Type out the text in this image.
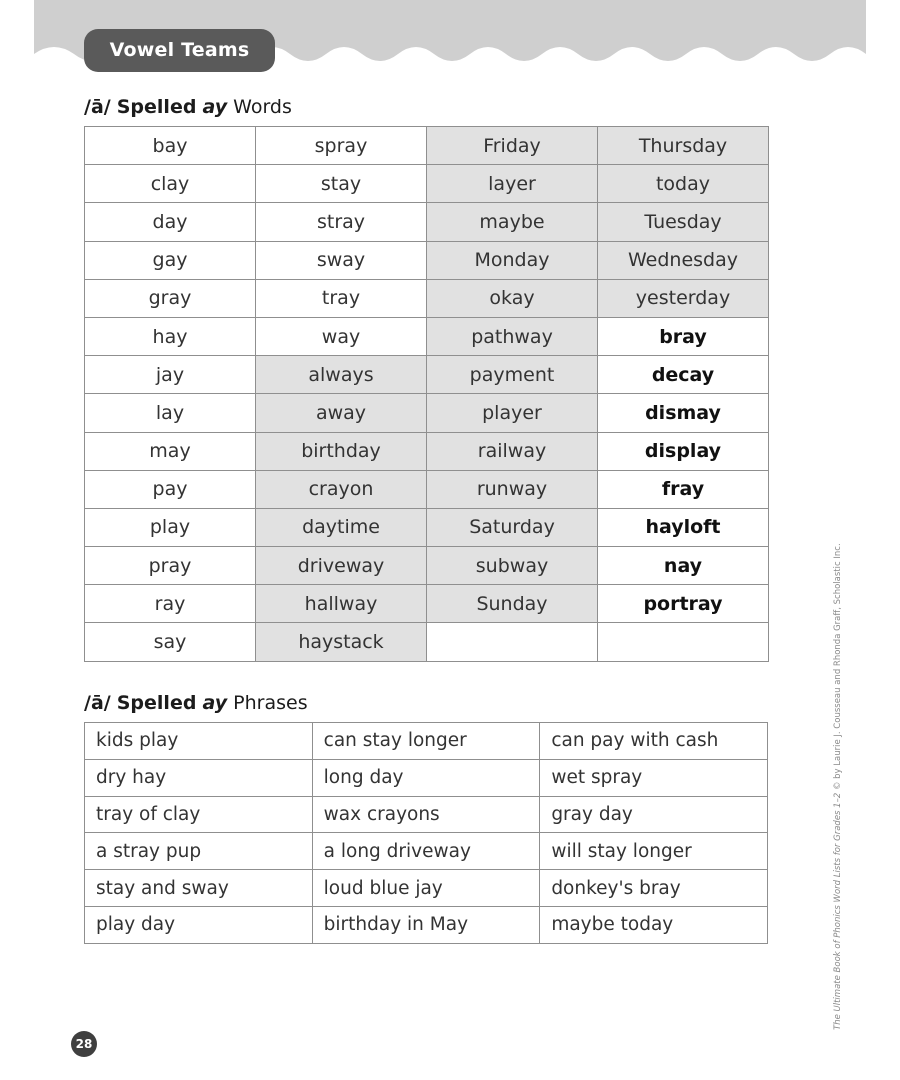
Vowel Teams
/ā/ Spelled ay Words
bay	spray	Friday	Thursday
clay	stay	layer	today
day	stray	maybe	Tuesday
gay	sway	Monday	Wednesday
gray	tray	okay	yesterday
hay	way	pathway	bray
jay	always	payment	decay
lay	away	player	dismay
may	birthday	railway	display
pay	crayon	runway	fray
play	daytime	Saturday	hayloft
pray	driveway	subway	nay
ray	hallway	Sunday	portray
say	haystack		
/ā/ Spelled ay Phrases
kids play	can stay longer	can pay with cash
dry hay	long day	wet spray
tray of clay	wax crayons	gray day
a stray pup	a long driveway	will stay longer
stay and sway	loud blue jay	donkey's bray
play day	birthday in May	maybe today	The Ultimate Book of Phonics Word Lists for Grades 1–2 © by Laurie J. Cousseau and Rhonda Graff, Scholastic Inc.
28
